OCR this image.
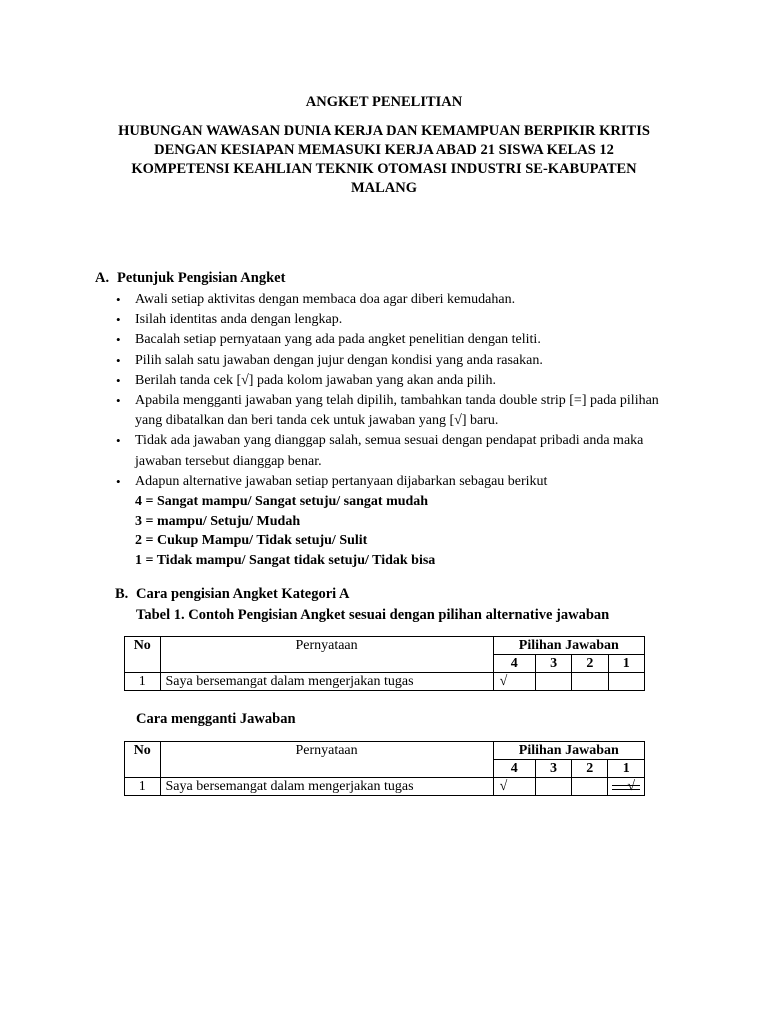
ANGKET PENELITIAN
HUBUNGAN WAWASAN DUNIA KERJA DAN KEMAMPUAN BERPIKIR KRITIS
DENGAN KESIAPAN MEMASUKI KERJA ABAD 21 SISWA KELAS 12
KOMPETENSI KEAHLIAN TEKNIK OTOMASI INDUSTRI SE-KABUPATEN
MALANG
A. Petunjuk Pengisian Angket
• Awali setiap aktivitas dengan membaca doa agar diberi kemudahan.
• Isilah identitas anda dengan lengkap.
• Bacalah setiap pernyataan yang ada pada angket penelitian dengan teliti.
• Pilih salah satu jawaban dengan jujur dengan kondisi yang anda rasakan.
• Berilah tanda cek [√] pada kolom jawaban yang akan anda pilih.
• Apabila mengganti jawaban yang telah dipilih, tambahkan tanda double strip [=] pada pilihan yang dibatalkan dan beri tanda cek untuk jawaban yang [√] baru.
• Tidak ada jawaban yang dianggap salah, semua sesuai dengan pendapat pribadi anda maka jawaban tersebut dianggap benar.
• Adapun alternative jawaban setiap pertanyaan dijabarkan sebagau berikut
4 = Sangat mampu/ Sangat setuju/ sangat mudah
3 = mampu/ Setuju/ Mudah
2 = Cukup Mampu/ Tidak setuju/ Sulit
1 = Tidak mampu/ Sangat tidak setuju/ Tidak bisa
B. Cara pengisian Angket Kategori A
Tabel 1. Contoh Pengisian Angket sesuai dengan pilihan alternative jawaban
No	Pernyataan	Pilihan Jawaban			
		4	3	2	1
1	Saya bersemangat dalam mengerjakan tugas	√			
Cara mengganti Jawaban
No	Pernyataan	Pilihan Jawaban			
		4	3	2	1
1	Saya bersemangat dalam mengerjakan tugas	√			√
